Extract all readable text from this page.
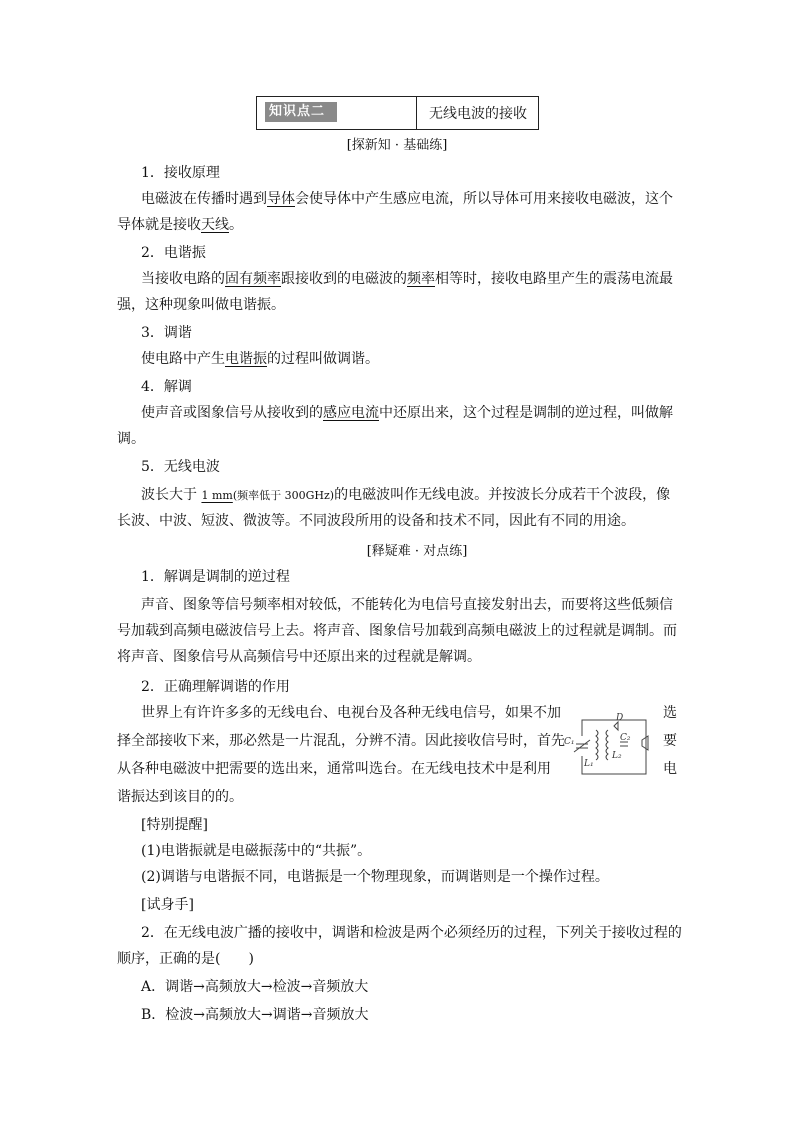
知识点二	无线电波的接收
[探新知 · 基础练]
1．接收原理
电磁波在传播时遇到导体会使导体中产生感应电流，所以导体可用来接收电磁波，这个
导体就是接收天线。
2．电谐振
当接收电路的固有频率跟接收到的电磁波的频率相等时，接收电路里产生的震荡电流最
强，这种现象叫做电谐振。
3．调谐
使电路中产生电谐振的过程叫做调谐。
4．解调
使声音或图象信号从接收到的感应电流中还原出来，这个过程是调制的逆过程，叫做解
调。
5．无线电波
波长大于 1 mm(频率低于 300GHz)的电磁波叫作无线电波。并按波长分成若干个波段，像
长波、中波、短波、微波等。不同波段所用的设备和技术不同，因此有不同的用途。
[释疑难 · 对点练]
1．解调是调制的逆过程
声音、图象等信号频率相对较低，不能转化为电信号直接发射出去，而要将这些低频信
号加载到高频电磁波信号上去。将声音、图象信号加载到高频电磁波上的过程就是调制。而
将声音、图象信号从高频信号中还原出来的过程就是解调。
2．正确理解调谐的作用
世界上有许许多多的无线电台、电视台及各种无线电信号，如果不加	选
择全部接收下来，那必然是一片混乱，分辨不清。因此接收信号时，首先	要
从各种电磁波中把需要的选出来，通常叫选台。在无线电技术中是利用	电
谐振达到该目的的。
D
C₁	C₂
L₁
L₂
[特别提醒]
(1)电谐振就是电磁振荡中的“共振”。
(2)调谐与电谐振不同，电谐振是一个物理现象，而调谐则是一个操作过程。
[试身手]
2．在无线电波广播的接收中，调谐和检波是两个必须经历的过程，下列关于接收过程的
顺序，正确的是(　　)
A．调谐→高频放大→检波→音频放大
B．检波→高频放大→调谐→音频放大
